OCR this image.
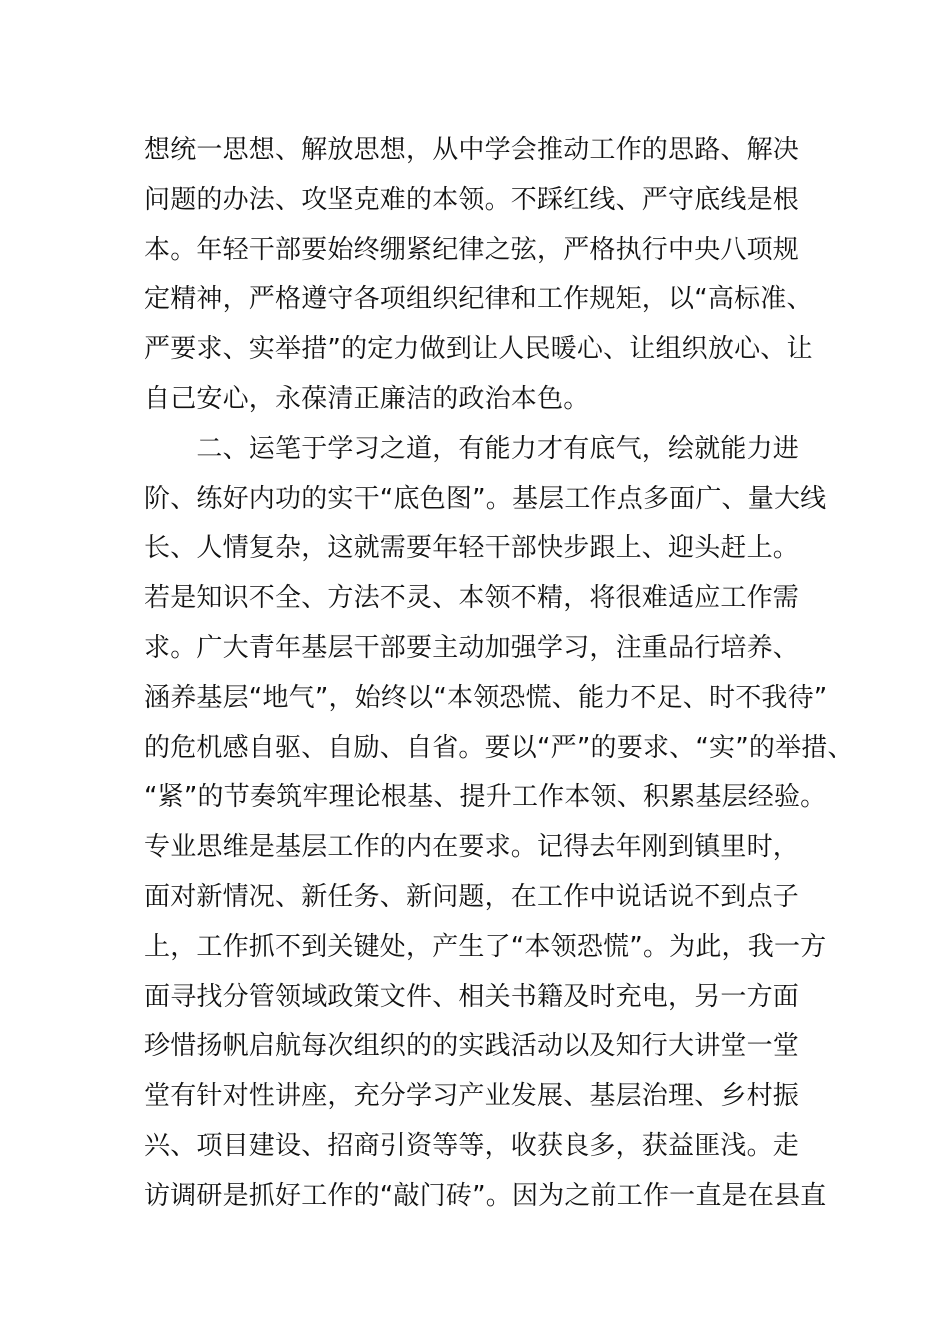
想统一思想、解放思想，从中学会推动工作的思路、解决
问题的办法、攻坚克难的本领。不踩红线、严守底线是根
本。年轻干部要始终绷紧纪律之弦，严格执行中央八项规
定精神，严格遵守各项组织纪律和工作规矩，以“高标准、
严要求、实举措”的定力做到让人民暖心、让组织放心、让
自己安心，永葆清正廉洁的政治本色。
　　二、运笔于学习之道，有能力才有底气，绘就能力进
阶、练好内功的实干“底色图”。基层工作点多面广、量大线
长、人情复杂，这就需要年轻干部快步跟上、迎头赶上。
若是知识不全、方法不灵、本领不精，将很难适应工作需
求。广大青年基层干部要主动加强学习，注重品行培养、
涵养基层“地气”，始终以“本领恐慌、能力不足、时不我待”
的危机感自驱、自励、自省。要以“严”的要求、“实”的举措、
“紧”的节奏筑牢理论根基、提升工作本领、积累基层经验。
专业思维是基层工作的内在要求。记得去年刚到镇里时，
面对新情况、新任务、新问题，在工作中说话说不到点子
上，工作抓不到关键处，产生了“本领恐慌”。为此，我一方
面寻找分管领域政策文件、相关书籍及时充电，另一方面
珍惜扬帆启航每次组织的的实践活动以及知行大讲堂一堂
堂有针对性讲座，充分学习产业发展、基层治理、乡村振
兴、项目建设、招商引资等等，收获良多，获益匪浅。走
访调研是抓好工作的“敲门砖”。因为之前工作一直是在县直
